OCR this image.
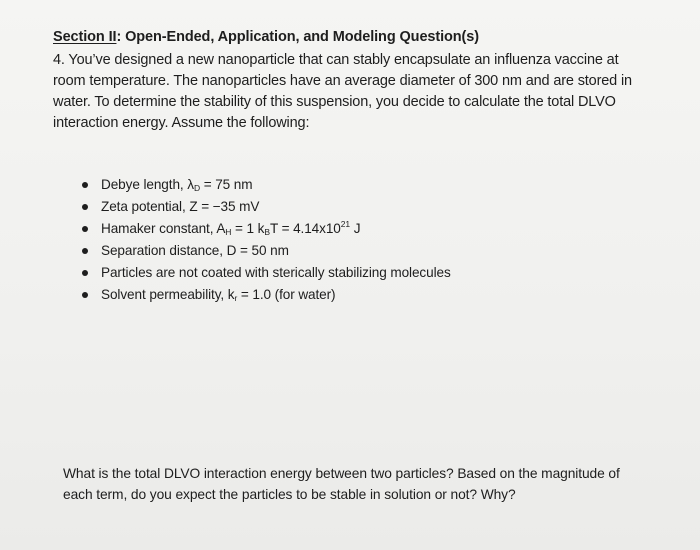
Section II: Open-Ended, Application, and Modeling Question(s)
4. You’ve designed a new nanoparticle that can stably encapsulate an influenza vaccine at room temperature. The nanoparticles have an average diameter of 300 nm and are stored in water. To determine the stability of this suspension, you decide to calculate the total DLVO interaction energy. Assume the following:
Debye length, $\lambda_D = 75$ nm
Zeta potential, Z = −35 mV
Hamaker constant, $A_H = 1$ $k_BT = 4.14x10^{21}$ J
Separation distance, D = 50 nm
Particles are not coated with sterically stabilizing molecules
Solvent permeability, $k_r = 1.0$ (for water)
What is the total DLVO interaction energy between two particles? Based on the magnitude of each term, do you expect the particles to be stable in solution or not? Why?
